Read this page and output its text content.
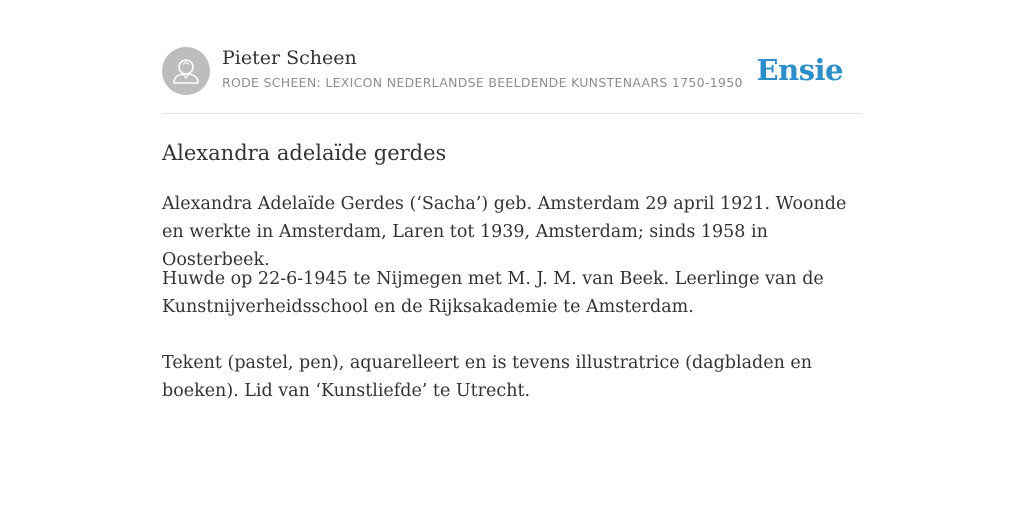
Pieter Scheen
RODE SCHEEN: LEXICON NEDERLANDSE BEELDENDE KUNSTENAARS 1750-1950 Ensie
Alexandra adelaïde gerdes

Alexandra Adelaïde Gerdes (‘Sacha’) geb. Amsterdam 29 april 1921. Woonde en werkte in Amsterdam, Laren tot 1939, Amsterdam; sinds 1958 in Oosterbeek.

Huwde op 22-6-1945 te Nijmegen met M. J. M. van Beek. Leerlinge van de Kunstnijverheidsschool en de Rijksakademie te Amsterdam.

Tekent (pastel, pen), aquarelleert en is tevens illustratrice (dagbladen en boeken). Lid van ‘Kunstliefde’ te Utrecht.
